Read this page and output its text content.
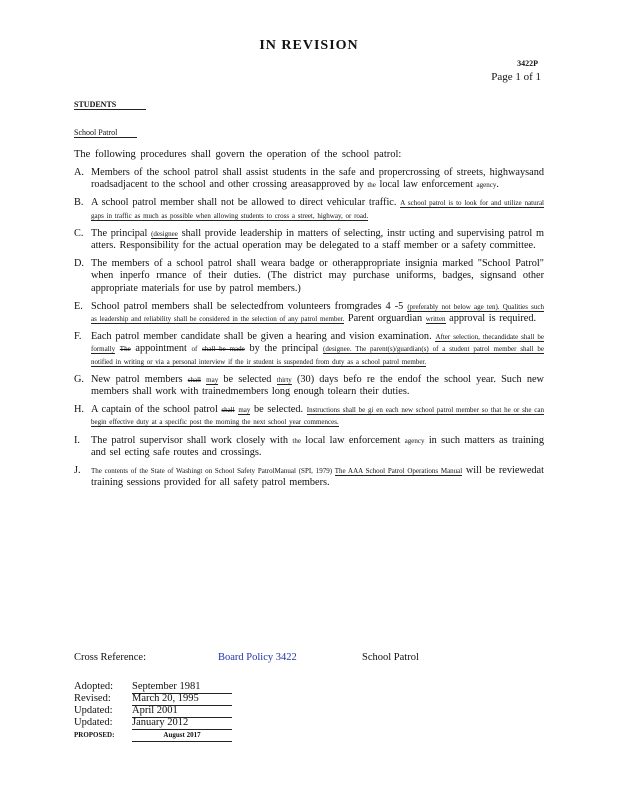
IN REVISION
3422P
Page 1 of 1
STUDENTS
School Patrol
The following procedures shall govern the operation of the school patrol:
A. Members of the school patrol shall assist students in the safe and propercrossing of streets, highwaysand roadsadjacent to the school and other crossing areasapproved by the local law enforcement agency.
B. A school patrol member shall not be allowed to direct vehicular traffic. A school patrol is to look for and utilize natural gaps in traffic as much as possible when allowing students to cross a street, highway, or road.
C. The principal (designee shall provide leadership in matters of selecting, instr ucting and supervising patrol m atters. Responsibility for the actual operation may be delegated to a staff member or a safety committee.
D. The members of a school patrol shall weara badge or otherappropriate insignia marked "School Patrol" when inperfo rmance of their duties. (The district may purchase uniforms, badges, signsand other appropriate materials for use by patrol members.)
E. School patrol members shall be selectedfrom volunteers fromgrades 4 -5 (preferably not below age ten). Qualities such as leadership and reliability shall be considered in the selection of any patrol member. Parent orguardian written approval is required.
F. Each patrol member candidate shall be given a hearing and vision examination. After selection, thecandidate shall be formally The appointment of shall be made by the principal (designee. The parent(s)/guardian(s) of a student patrol member shall be notified in writing or via a personal interview if the ir student is suspended from duty as a school patrol member.
G. New patrol members shall may be selected thirty (30) days befo re the endof the school year. Such new members shall work with trainedmembers long enough tolearn their duties.
H. A captain of the school patrol shall may be selected. Instructions shall be gi en each new school patrol member so that he or she can begin effective duty at a specific post the morning the next school year commences.
I. The patrol supervisor shall work closely with the local law enforcement agency in such matters as training and sel ecting safe routes and crossings.
J. The contents of the State of Washingt on School Safety PatrolManual (SPI, 1979) The AAA School Patrol Operations Manual will be reviewedat training sessions provided for all safety patrol members.
Cross Reference:	Board Policy 3422	School Patrol
Adopted: September 1981
Revised: March 20, 1995
Updated: April 2001
Updated: January 2012
PROPOSED:	August 2017
